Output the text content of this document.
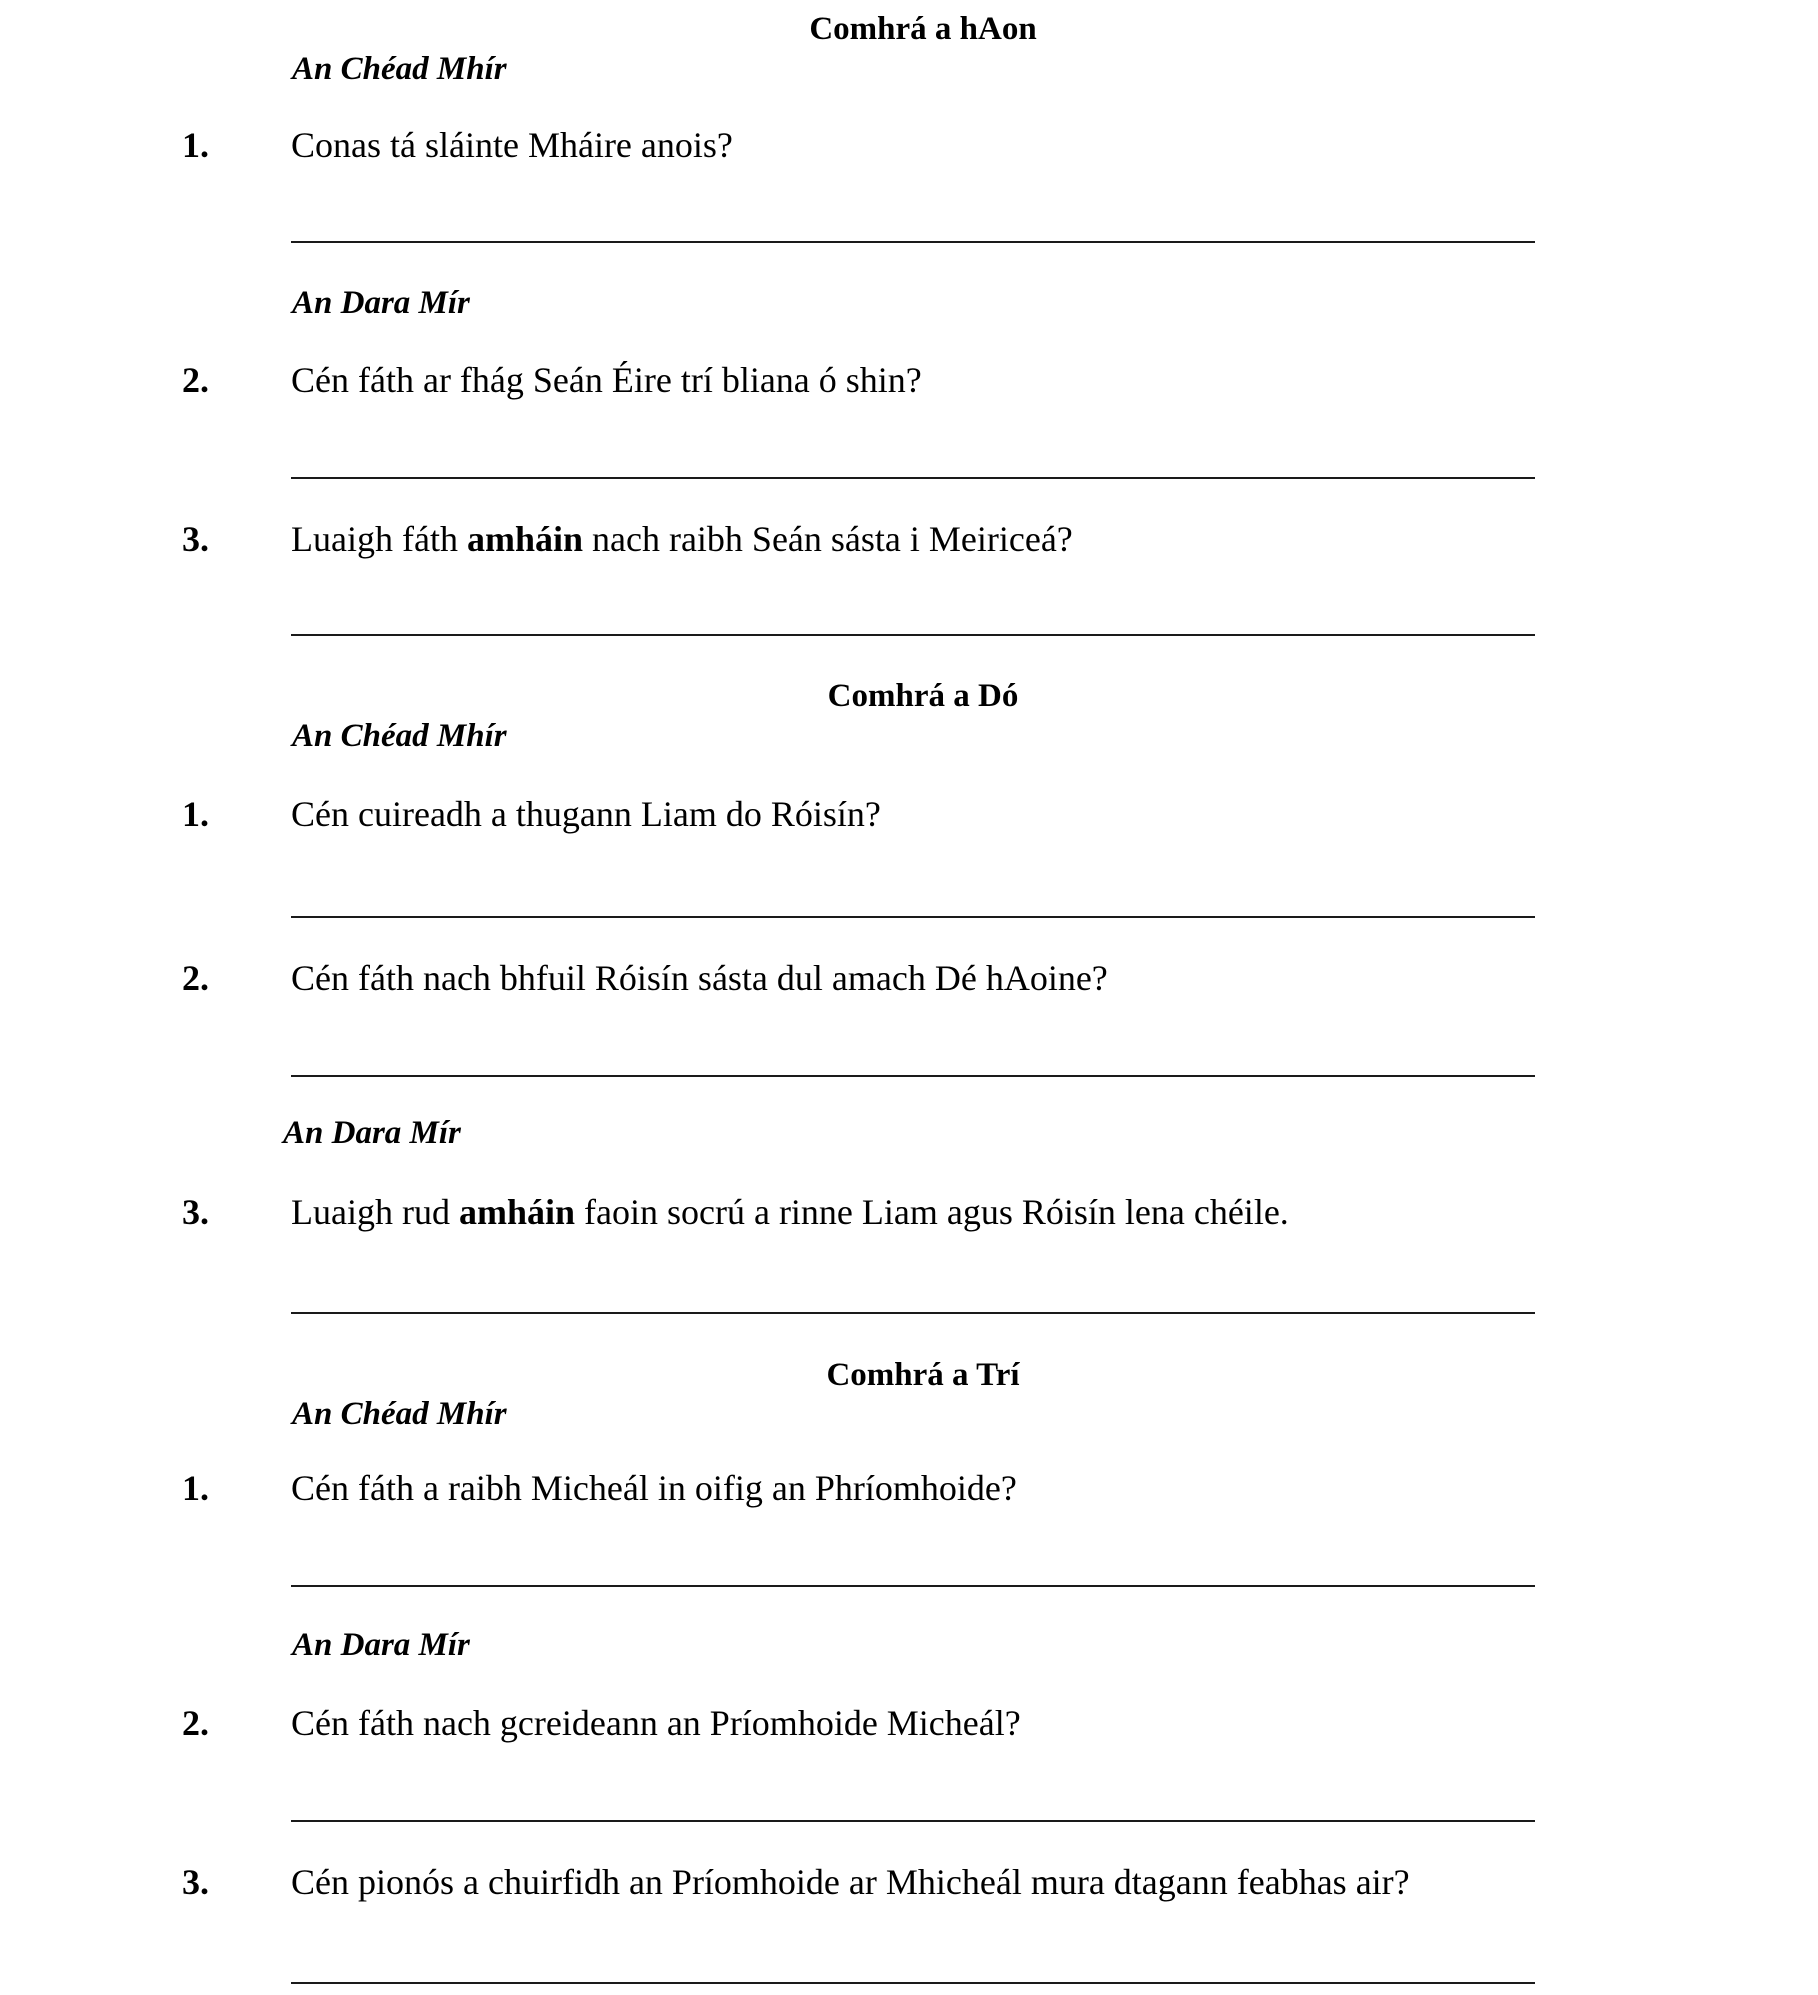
Comhrá a hAon
An Chéad Mhír
1. Conas tá sláinte Mháire anois?
An Dara Mír
2. Cén fáth ar fhág Seán Éire trí bliana ó shin?
3. Luaigh fáth amháin nach raibh Seán sásta i Meiriceá?
Comhrá a Dó
An Chéad Mhír
1. Cén cuireadh a thugann Liam do Róisín?
2. Cén fáth nach bhfuil Róisín sásta dul amach Dé hAoine?
An Dara Mír
3. Luaigh rud amháin faoin socrú a rinne Liam agus Róisín lena chéile.
Comhrá a Trí
An Chéad Mhír
1. Cén fáth a raibh Micheál in oifig an Phríomhoide?
An Dara Mír
2. Cén fáth nach gcreideann an Príomhoide Micheál?
3. Cén pionós a chuirfidh an Príomhoide ar Mhicheál mura dtagann feabhas air?
